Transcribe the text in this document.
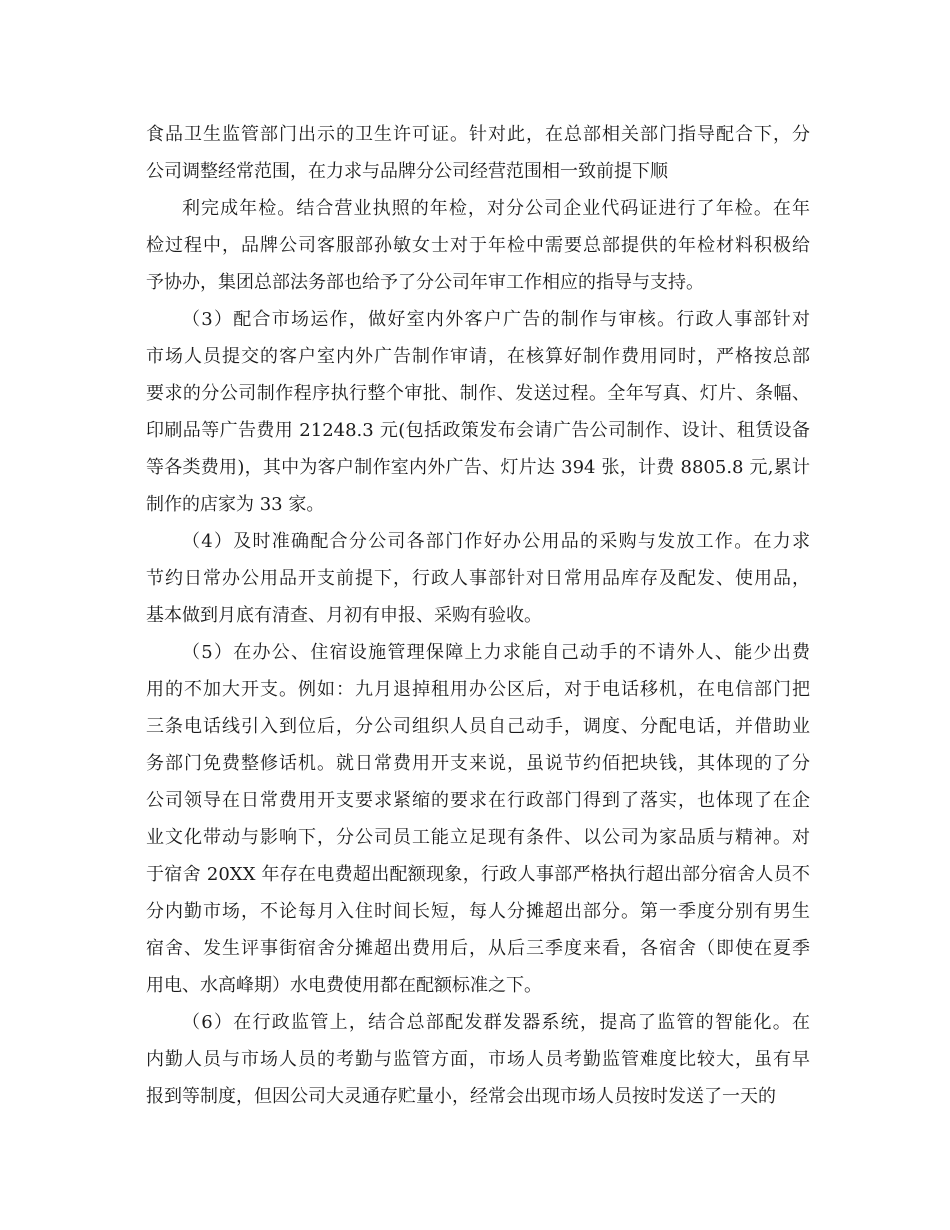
食品卫生监管部门出示的卫生许可证。针对此，在总部相关部门指导配合下，分
公司调整经常范围，在力求与品牌分公司经营范围相一致前提下顺
利完成年检。结合营业执照的年检，对分公司企业代码证进行了年检。在年
检过程中，品牌公司客服部孙敏女士对于年检中需要总部提供的年检材料积极给
予协办，集团总部法务部也给予了分公司年审工作相应的指导与支持。
（3）配合市场运作，做好室内外客户广告的制作与审核。行政人事部针对
市场人员提交的客户室内外广告制作审请，在核算好制作费用同时，严格按总部
要求的分公司制作程序执行整个审批、制作、发送过程。全年写真、灯片、条幅、
印刷品等广告费用 21248.3 元(包括政策发布会请广告公司制作、设计、租赁设备
等各类费用)，其中为客户制作室内外广告、灯片达 394 张，计费 8805.8 元,累计
制作的店家为 33 家。
（4）及时准确配合分公司各部门作好办公用品的采购与发放工作。在力求
节约日常办公用品开支前提下，行政人事部针对日常用品库存及配发、使用品，
基本做到月底有清查、月初有申报、采购有验收。
（5）在办公、住宿设施管理保障上力求能自己动手的不请外人、能少出费
用的不加大开支。例如：九月退掉租用办公区后，对于电话移机，在电信部门把
三条电话线引入到位后，分公司组织人员自己动手，调度、分配电话，并借助业
务部门免费整修话机。就日常费用开支来说，虽说节约佰把块钱，其体现的了分
公司领导在日常费用开支要求紧缩的要求在行政部门得到了落实，也体现了在企
业文化带动与影响下，分公司员工能立足现有条件、以公司为家品质与精神。对
于宿舍 20XX 年存在电费超出配额现象，行政人事部严格执行超出部分宿舍人员不
分内勤市场，不论每月入住时间长短，每人分摊超出部分。第一季度分别有男生
宿舍、发生评事街宿舍分摊超出费用后，从后三季度来看，各宿舍（即使在夏季
用电、水高峰期）水电费使用都在配额标准之下。
（6）在行政监管上，结合总部配发群发器系统，提高了监管的智能化。在
内勤人员与市场人员的考勤与监管方面，市场人员考勤监管难度比较大，虽有早
报到等制度，但因公司大灵通存贮量小，经常会出现市场人员按时发送了一天的
